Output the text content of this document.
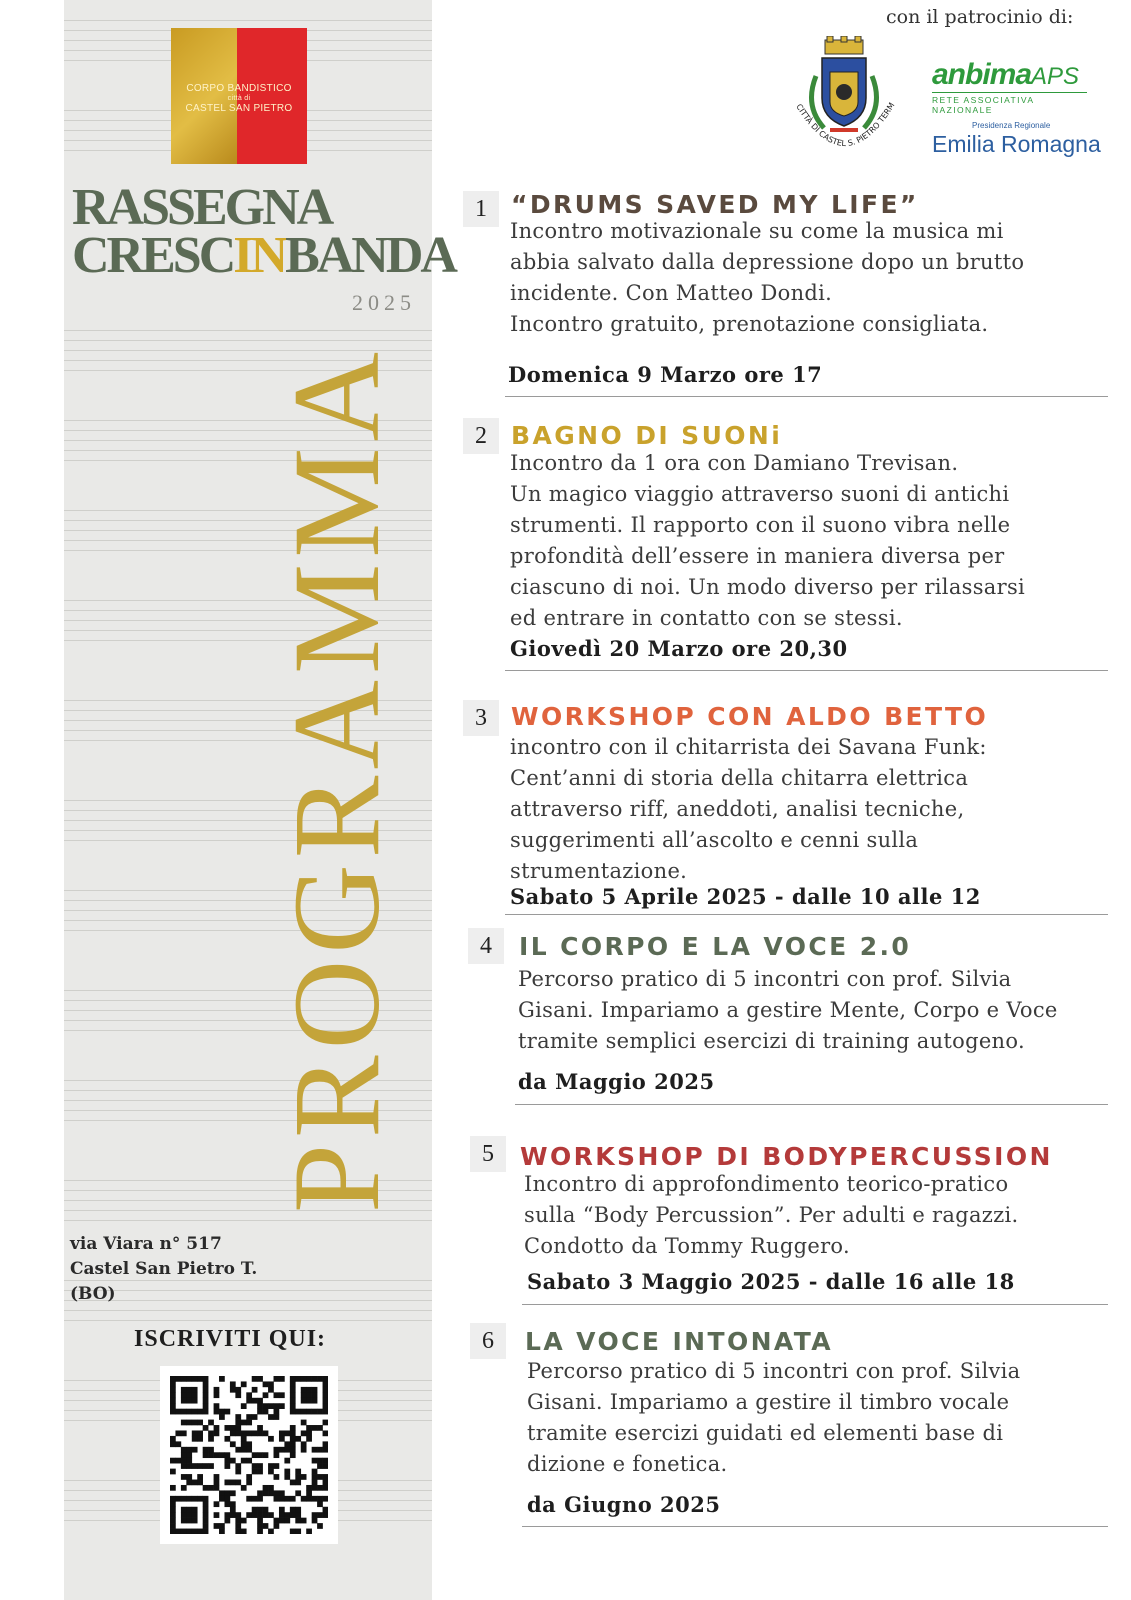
CORPO BANDISTICO
città di
CASTEL SAN PIETRO
RASSEGNA
CRESCINBANDA
2025
PROGRAMMA
via Viara n° 517
Castel San Pietro T.
(BO)
ISCRIVITI QUI:
con il patrocinio di:
CITTÀ DI CASTEL S. PIETRO TERM
anbimaAPS
RETE ASSOCIATIVA NAZIONALE
Presidenza Regionale
Emilia Romagna
1 “DRUMS SAVED MY LIFE”
Incontro motivazionale su come la musica mi
abbia salvato dalla depressione dopo un brutto
incidente. Con Matteo Dondi.
Incontro gratuito, prenotazione consigliata.
Domenica 9 Marzo ore 17
2 BAGNO DI SUONi
Incontro da 1 ora con Damiano Trevisan.
Un magico viaggio attraverso suoni di antichi
strumenti. Il rapporto con il suono vibra nelle
profondità dell’essere in maniera diversa per
ciascuno di noi. Un modo diverso per rilassarsi
ed entrare in contatto con se stessi.
Giovedì 20 Marzo ore 20,30
3 WORKSHOP CON ALDO BETTO
incontro con il chitarrista dei Savana Funk:
Cent’anni di storia della chitarra elettrica
attraverso riff, aneddoti, analisi tecniche,
suggerimenti all’ascolto e cenni sulla
strumentazione.
Sabato 5 Aprile 2025 - dalle 10 alle 12
4	IL CORPO E LA VOCE 2.0
Percorso pratico di 5 incontri con prof. Silvia
Gisani. Impariamo a gestire Mente, Corpo e Voce
tramite semplici esercizi di training autogeno.
da Maggio 2025
5	WORKSHOP DI BODYPERCUSSION
Incontro di approfondimento teorico-pratico
sulla “Body Percussion”. Per adulti e ragazzi.
Condotto da Tommy Ruggero.
Sabato 3 Maggio 2025 - dalle 16 alle 18
6	LA VOCE INTONATA
Percorso pratico di 5 incontri con prof. Silvia
Gisani. Impariamo a gestire il timbro vocale
tramite esercizi guidati ed elementi base di
dizione e fonetica.
da Giugno 2025
